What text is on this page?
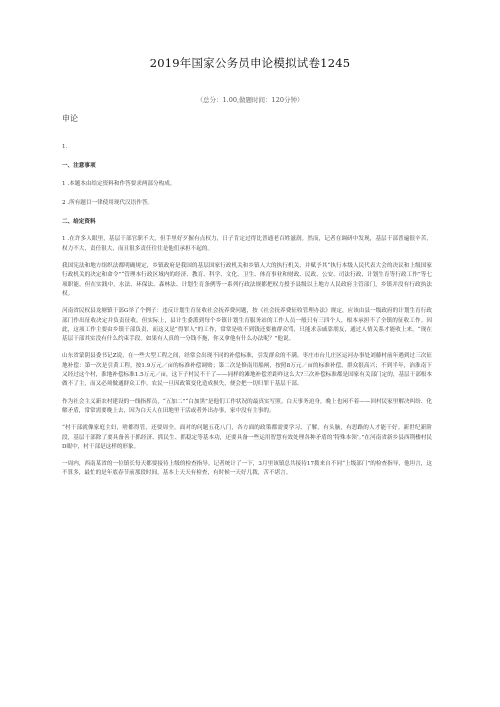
2019年国家公务员申论模拟试卷1245
（总分：1.00,做题时间：120分钟）
申论

1.

一、注意事项

1 .本题本由给定资料和作答要求两部分构成。

2 .所有题目一律使用现代汉语作答。

二、给定资料

1 .在许多人眼里，基层干部官职不大，但手里好歹握有点权力，日子肯定过得比普通老百姓滋润。然而，记者在调研中发现，基层干部普遍很辛苦，权力不大，责任很大，而且很多责任往往是他们承担不起的。

我国宪法和地方组织法都明确规定，乡镇政府是我国的基层国家行政机关和乡镇人大的执行机关，并赋予其“执行本级人民代表大会的决议和上级国家行政机关的决定和命令”“管理本行政区域内的经济、教育、科学、文化、卫生、体育事业和财政、民政、公安、司法行政、计划生育等行政工作”等七项职能。但在实践中，水法、环保法、森林法、计划生育条例等一系列行政法规都把权力授予县级以上地方人民政府主管部门，乡镇并没有行政执法权。

河南省民权县龙塘镇干部G举了个例子：违反计划生育征收社会抚养费问题，按《社会抚养费征收管理办法》规定，应该由县一级政府的计划生育行政部门作出征收决定并负责征收。但实际上，县计生委派到每个乡镇计划生育服务站的工作人员一般只有三四个人，根本承担不了全镇的征收工作。因此，这项工作主要由乡镇干部负责，而这又是“得罪人”的工作，常常是收不到钱还要被群众骂，只能求亲戚靠朋友，通过人情关系才能收上来。“现在基层干部其实没有什么约束手段。如果有人真的一分钱不拖，你又拿他有什么办法呢？”他说。

山东省蒙阴县委书记Z说，在一些大型工程之间，经常会出现不同的补偿标准，引发群众的不满。枣庄市台儿庄区运河办事处刘藤村前年遇到过三次征地补偿：第一次是引黄工程，按1.9万元／亩的标准补偿调赔；第二次是修南用船闸，按照8万元／亩的标准补偿，群众很高兴；不到半年，治淮南下又经过这个村，淮地补偿标准1.5万元／亩，这下子村民不干了——同样的滩地补偿差距咋这么大?三次补偿标准都是国家有关部门定的，基层干部根本做不了主，而又必须做通群众工作。农民一旦因政策变化造成损失，便会把一切归罪于基层干部。

作为社会主义新农村建设的一线指挥员，“五加二”“白加黑”是他们工作状况的最真实写照。白天事务迫身，晚上也闲不着——回村民家里解决纠纷、化解矛盾，常常需要晚上去，因为白天人在田地里干活或者外出办事，家中没有主事的。

“村干部就像家庭主妇，啥都得管，还要周全。面对的问题五花八门，各方面的政策都需要学习、了解，有头脑，有思路的人才能干好。新世纪新阶段，基层干部除了要具备善于抓经济、抓民生、抓稳定等基本功，还要具备一些运用智慧有效处理各种矛盾的‘特殊本领’。”在河南省新乡县西荆楼村民D眼中，村干部是这样的形象。

一周内，西南某省的一位镇长每天都要接待上级的检查指导。记者统计了一下，3月里该镇总共接待17拨来自不同“上级部门”的检查指导，他坦言，这不算多，最忙的是年底春节前那段时间，基本上天天有检查，有时候一天好几拨，苦不堪言。
